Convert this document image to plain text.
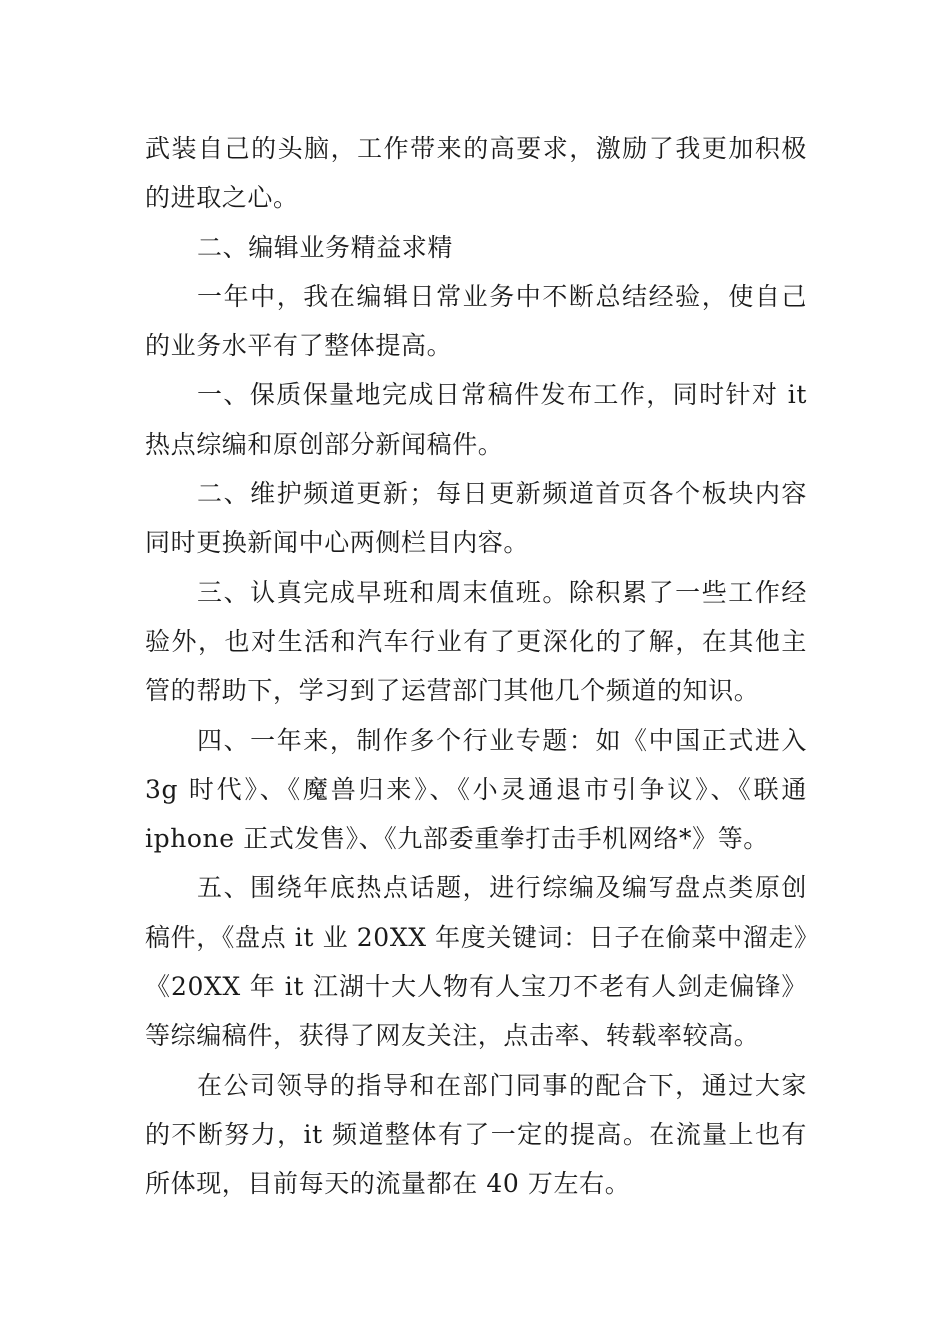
武装自己的头脑，工作带来的高要求，激励了我更加积极的进取之心。

二、编辑业务精益求精

一年中，我在编辑日常业务中不断总结经验，使自己的业务水平有了整体提高。

一、保质保量地完成日常稿件发布工作，同时针对 it 热点综编和原创部分新闻稿件。

二、维护频道更新；每日更新频道首页各个板块内容同时更换新闻中心两侧栏目内容。

三、认真完成早班和周末值班。除积累了一些工作经验外，也对生活和汽车行业有了更深化的了解，在其他主管的帮助下，学习到了运营部门其他几个频道的知识。

四、一年来，制作多个行业专题：如《中国正式进入 3g 时代》、《魔兽归来》、《小灵通退市引争议》、《联通 iphone 正式发售》、《九部委重拳打击手机网络*》等。

五、围绕年底热点话题，进行综编及编写盘点类原创稿件，《盘点 it 业 20XX 年度关键词：日子在偷菜中溜走》《20XX 年 it 江湖十大人物有人宝刀不老有人剑走偏锋》等综编稿件，获得了网友关注，点击率、转载率较高。

在公司领导的指导和在部门同事的配合下，通过大家的不断努力，it 频道整体有了一定的提高。在流量上也有所体现，目前每天的流量都在 40 万左右。
